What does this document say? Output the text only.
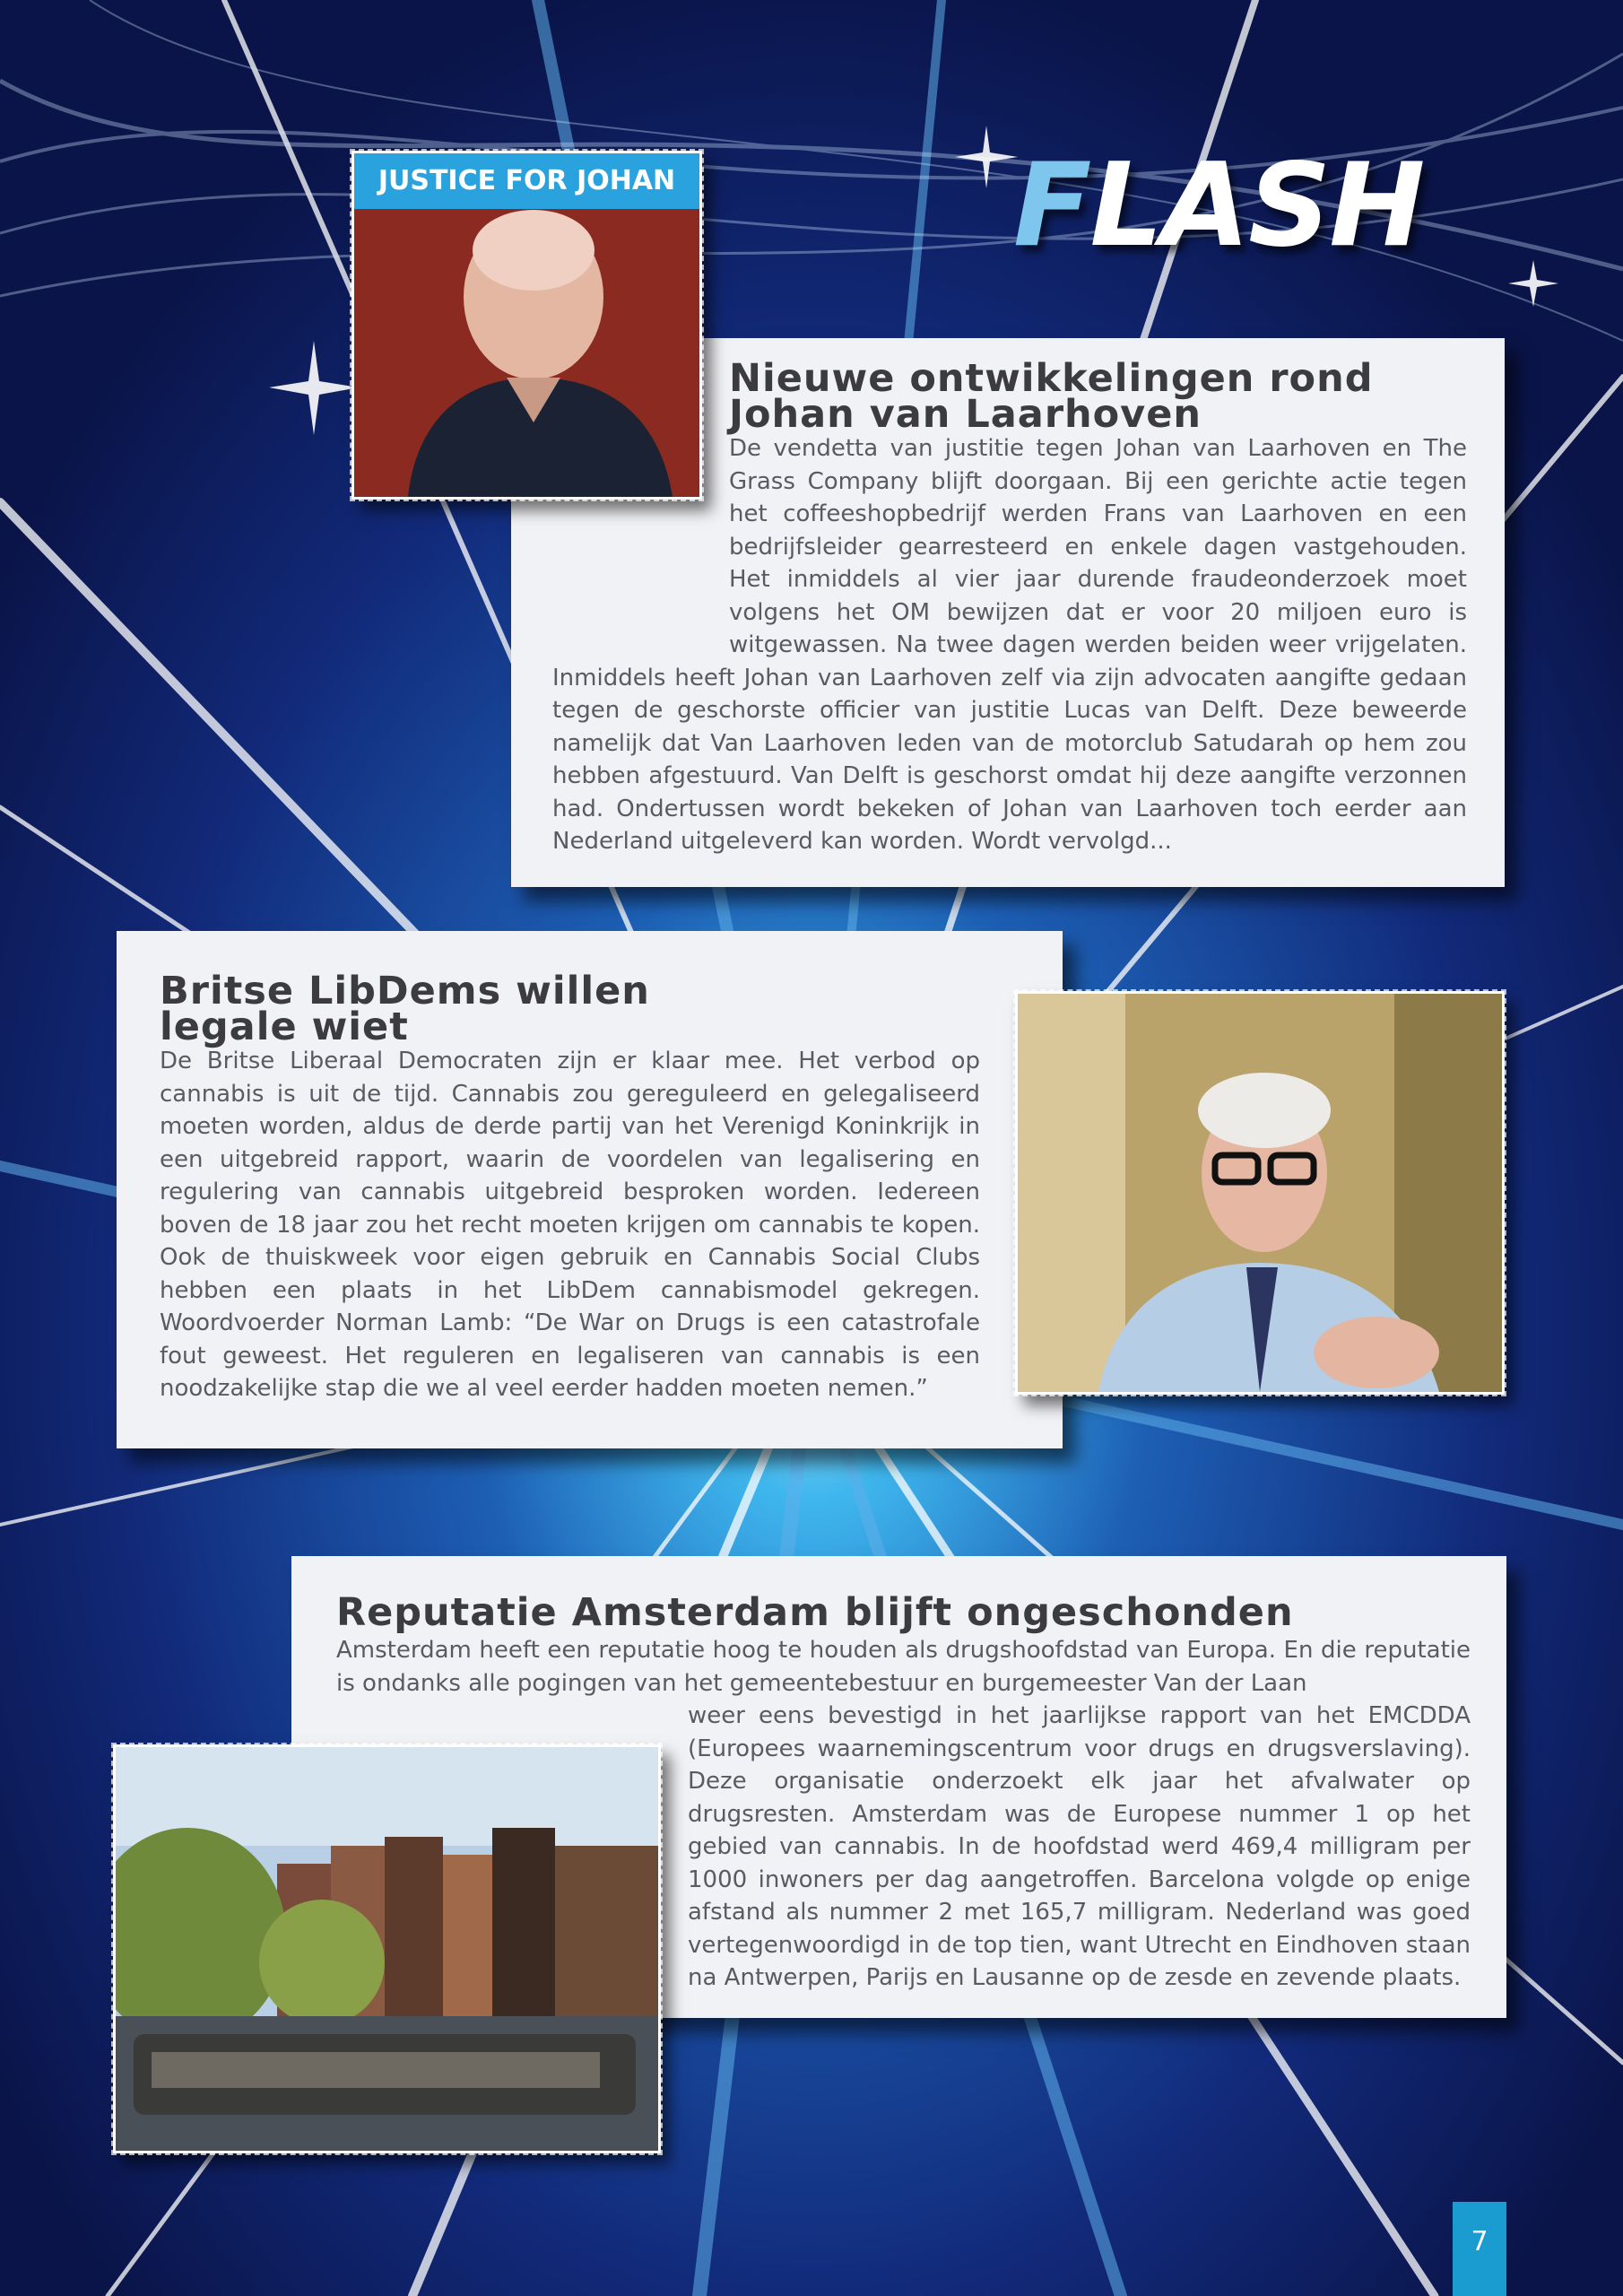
FLASH
Nieuwe ontwikkelingen rond Johan van Laarhoven

De vendetta van justitie tegen Johan van Laarhoven en The Grass Company blijft doorgaan. Bij een gerichte actie tegen het coffeeshopbedrijf werden Frans van Laarhoven en een bedrijfsleider gearresteerd en enkele dagen vastgehouden. Het inmiddels al vier jaar durende fraudeonderzoek moet volgens het OM bewijzen dat er voor 20 miljoen euro is witgewassen. Na twee dagen werden beiden weer vrijgelaten. Inmiddels heeft Johan van Laarhoven zelf via zijn advocaten aangifte gedaan tegen de geschorste officier van justitie Lucas van Delft. Deze beweerde namelijk dat Van Laarhoven leden van de motorclub Satudarah op hem zou hebben afgestuurd. Van Delft is geschorst omdat hij deze aangifte verzonnen had. Ondertussen wordt bekeken of Johan van Laarhoven toch eerder aan Nederland uitgeleverd kan worden. Wordt vervolgd...

JUSTICE FOR JOHAN
Britse LibDems willen legale wiet

De Britse Liberaal Democraten zijn er klaar mee. Het verbod op cannabis is uit de tijd. Cannabis zou gereguleerd en gelegaliseerd moeten worden, aldus de derde partij van het Verenigd Koninkrijk in een uitgebreid rapport, waarin de voordelen van legalisering en regulering van cannabis uitgebreid besproken worden. Iedereen boven de 18 jaar zou het recht moeten krijgen om cannabis te kopen. Ook de thuiskweek voor eigen gebruik en Cannabis Social Clubs hebben een plaats in het LibDem cannabismodel gekregen. Woordvoerder Norman Lamb: “De War on Drugs is een catastrofale fout geweest. Het reguleren en legaliseren van cannabis is een noodzakelijke stap die we al veel eerder hadden moeten nemen.”

Reputatie Amsterdam blijft ongeschonden

Amsterdam heeft een reputatie hoog te houden als drugshoofdstad van Europa. En die reputatie is ondanks alle pogingen van het gemeentebestuur en burgemeester Van der Laan

weer eens bevestigd in het jaarlijkse rapport van het EMCDDA (Europees waarnemingscentrum voor drugs en drugsverslaving). Deze organisatie onderzoekt elk jaar het afvalwater op drugsresten. Amsterdam was de Europese nummer 1 op het gebied van cannabis. In de hoofdstad werd 469,4 milligram per 1000 inwoners per dag aangetroffen. Barcelona volgde op enige afstand als nummer 2 met 165,7 milligram. Nederland was goed vertegenwoordigd in de top tien, want Utrecht en Eindhoven staan na Antwerpen, Parijs en Lausanne op de zesde en zevende plaats.

7
